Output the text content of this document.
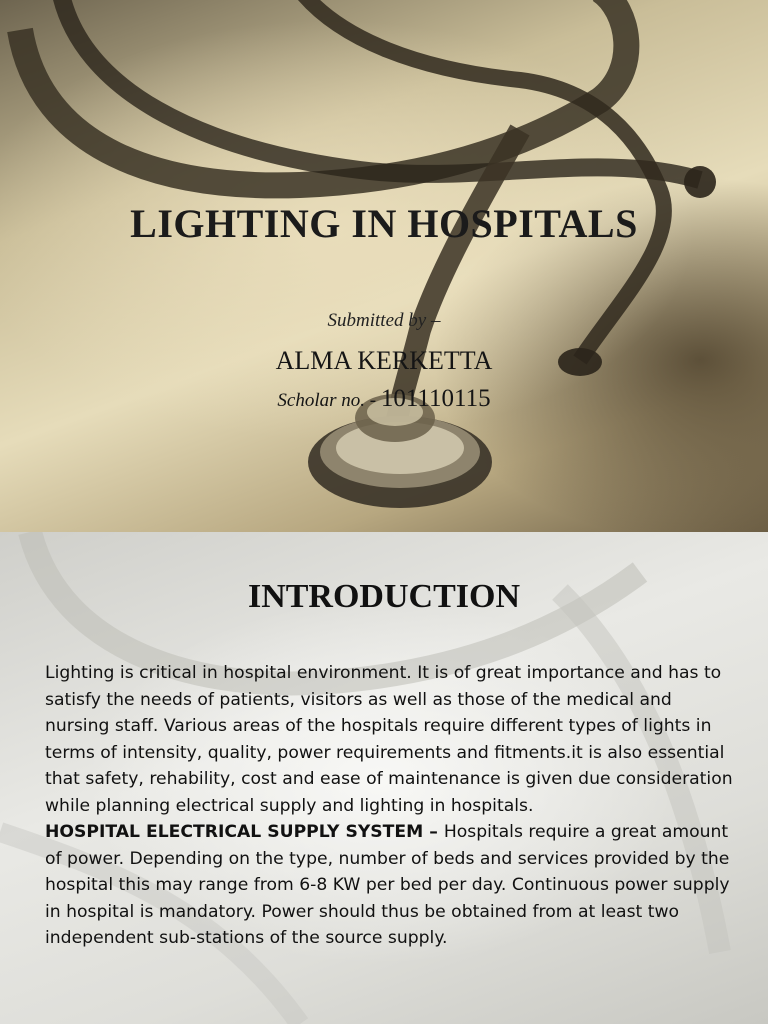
LIGHTING IN HOSPITALS
Submitted by –
ALMA KERKETTA
Scholar no. - 101110115
INTRODUCTION

Lighting is critical in hospital environment. It is of great importance and has to satisfy the needs of patients, visitors as well as those of the medical and nursing staff. Various areas of the hospitals require different types of lights in terms of intensity, quality, power requirements and fitments.it is also essential that safety, rehability, cost and ease of maintenance is given due consideration while planning electrical supply and lighting in hospitals.

HOSPITAL ELECTRICAL SUPPLY SYSTEM – Hospitals require a great amount of power. Depending on the type, number of beds and services provided by the hospital this may range from 6-8 KW per bed per day. Continuous power supply in hospital is mandatory. Power should thus be obtained from at least two independent sub-stations of the source supply.
